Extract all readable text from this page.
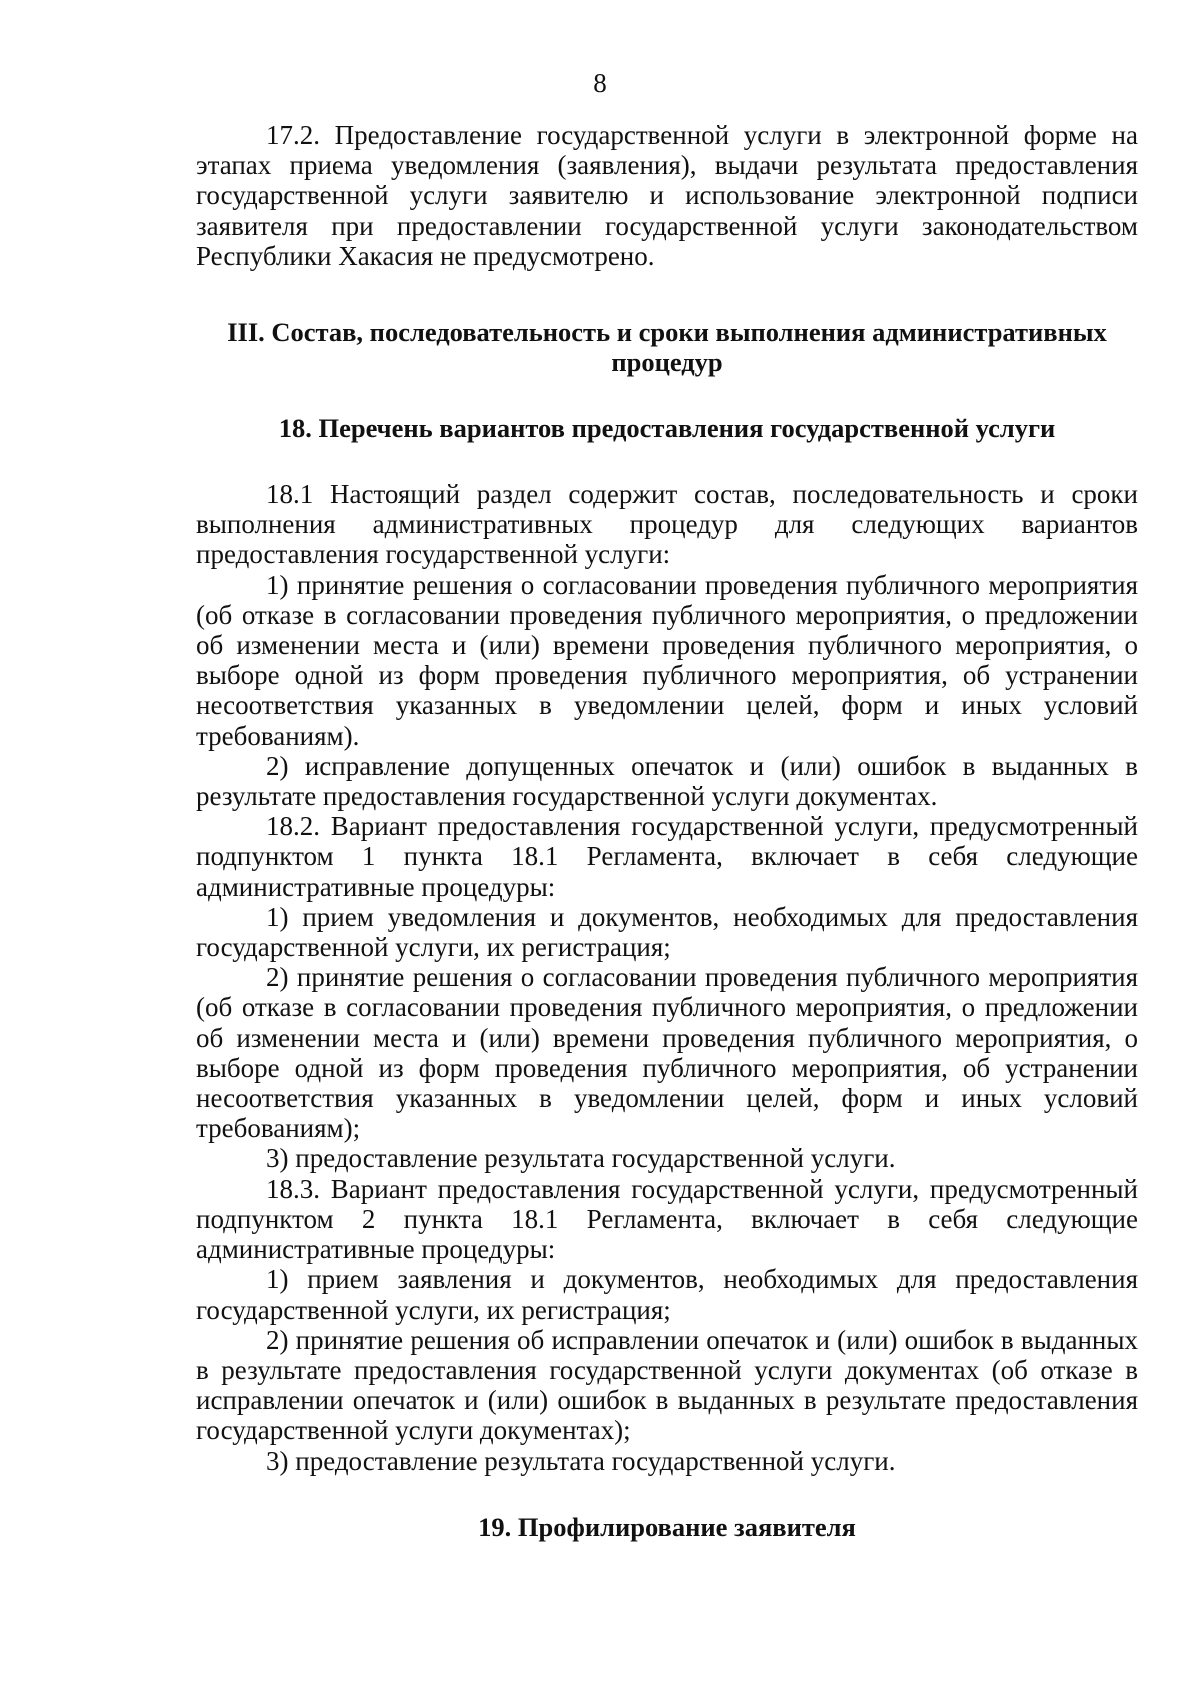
8

17.2. Предоставление государственной услуги в электронной форме на этапах приема уведомления (заявления), выдачи результата предоставления государственной услуги заявителю и использование электронной подписи заявителя при предоставлении государственной услуги законодательством Республики Хакасия не предусмотрено.

III. Состав, последовательность и сроки выполнения административных процедур

18. Перечень вариантов предоставления государственной услуги

18.1 Настоящий раздел содержит состав, последовательность и сроки выполнения административных процедур для следующих вариантов предоставления государственной услуги:

1) принятие решения о согласовании проведения публичного мероприятия (об отказе в согласовании проведения публичного мероприятия, о предложении об изменении места и (или) времени проведения публичного мероприятия, о выборе одной из форм проведения публичного мероприятия, об устранении несоответствия указанных в уведомлении целей, форм и иных условий требованиям).

2) исправление допущенных опечаток и (или) ошибок в выданных в результате предоставления государственной услуги документах.

18.2. Вариант предоставления государственной услуги, предусмотренный подпунктом 1 пункта 18.1 Регламента, включает в себя следующие административные процедуры:

1) прием уведомления и документов, необходимых для предоставления государственной услуги, их регистрация;

2) принятие решения о согласовании проведения публичного мероприятия (об отказе в согласовании проведения публичного мероприятия, о предложении об изменении места и (или) времени проведения публичного мероприятия, о выборе одной из форм проведения публичного мероприятия, об устранении несоответствия указанных в уведомлении целей, форм и иных условий требованиям);

3) предоставление результата государственной услуги.

18.3. Вариант предоставления государственной услуги, предусмотренный подпунктом 2 пункта 18.1 Регламента, включает в себя следующие административные процедуры:

1) прием заявления и документов, необходимых для предоставления государственной услуги, их регистрация;

2) принятие решения об исправлении опечаток и (или) ошибок в выданных в результате предоставления государственной услуги документах (об отказе в исправлении опечаток и (или) ошибок в выданных в результате предоставления государственной услуги документах);

3) предоставление результата государственной услуги.

19. Профилирование заявителя
